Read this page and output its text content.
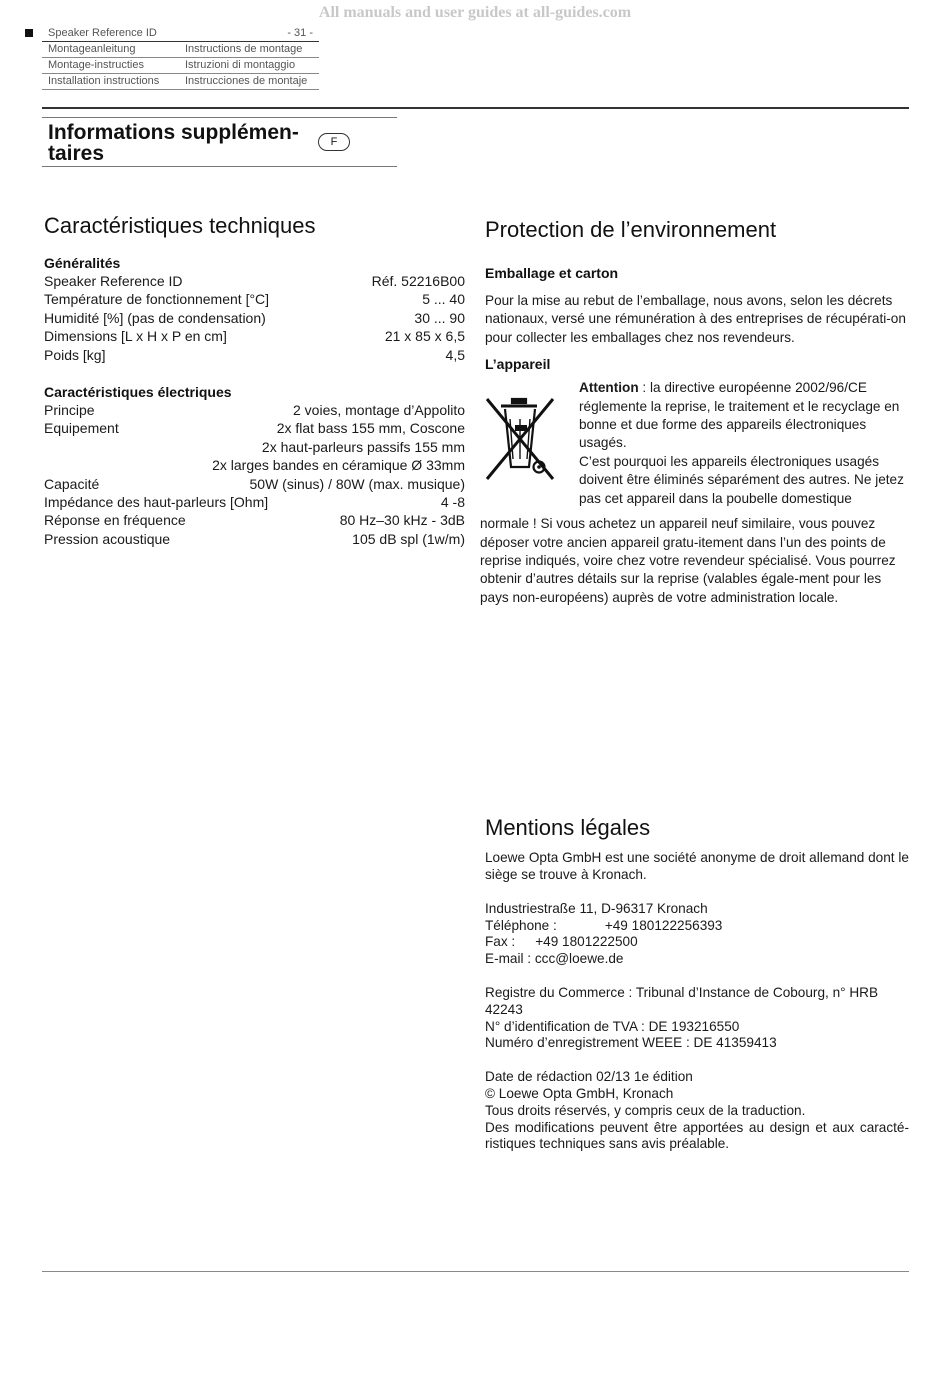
All manuals and user guides at all-guides.com
Speaker Reference ID	- 31 -
Montageanleitung	Instructions de montage
Montage-instructies	Istruzioni di montaggio
Installation instructions	Instrucciones de montaje
Informations supplémen-
taires	F
Caractéristiques techniques
Généralités
Speaker Reference ID	Réf. 52216B00
Température de fonctionnement [°C]	5 ... 40
Humidité [%] (pas de condensation)	30 ... 90
Dimensions [L x H x P en cm]	21 x 85 x 6,5
Poids [kg]	4,5
Caractéristiques électriques
Principe	2 voies, montage d’Appolito
Equipement	2x flat bass 155 mm, Coscone
2x haut-parleurs passifs 155 mm
2x larges bandes en céramique Ø 33mm
Capacité	50W (sinus) / 80W (max. musique)
Impédance des haut-parleurs [Ohm]	4 -8
Réponse en fréquence	80 Hz–30 kHz - 3dB
Pression acoustique	105 dB spl (1w/m)
Protection de l’environnement
Emballage et carton

Pour la mise au rebut de l’emballage, nous avons, selon les décrets nationaux, versé une rémunération à des entreprises de récupérati-on pour collecter les emballages chez nos revendeurs.

L’appareil
Attention : la directive européenne 2002/96/CE réglemente la reprise, le traitement et le recyclage en bonne et due forme des appareils électroniques usagés.
C’est pourquoi les appareils électroniques usagés doivent être éliminés séparément des autres. Ne jetez pas cet appareil dans la poubelle domestique
normale ! Si vous achetez un appareil neuf similaire, vous pouvez déposer votre ancien appareil gratu-itement dans l’un des points de reprise indiqués, voire chez votre revendeur spécialisé. Vous pourrez obtenir d’autres détails sur la reprise (valables égale-ment pour les pays non-européens) auprès de votre administration locale.
Mentions légales

Loewe Opta GmbH est une société anonyme de droit allemand dont le siège se trouve à Kronach.

Industriestraße 11, D-96317 Kronach

Téléphone :	+49 180122256393

Fax : +49 1801222500

E-mail : ccc@loewe.de

Registre du Commerce : Tribunal d’Instance de Cobourg, n° HRB 42243

N° d’identification de TVA : DE 193216550

Numéro d’enregistrement WEEE : DE 41359413

Date de rédaction 02/13 1e édition

© Loewe Opta GmbH, Kronach

Tous droits réservés, y compris ceux de la traduction.

Des modifications peuvent être apportées au design et aux caracté-ristiques techniques sans avis préalable.
